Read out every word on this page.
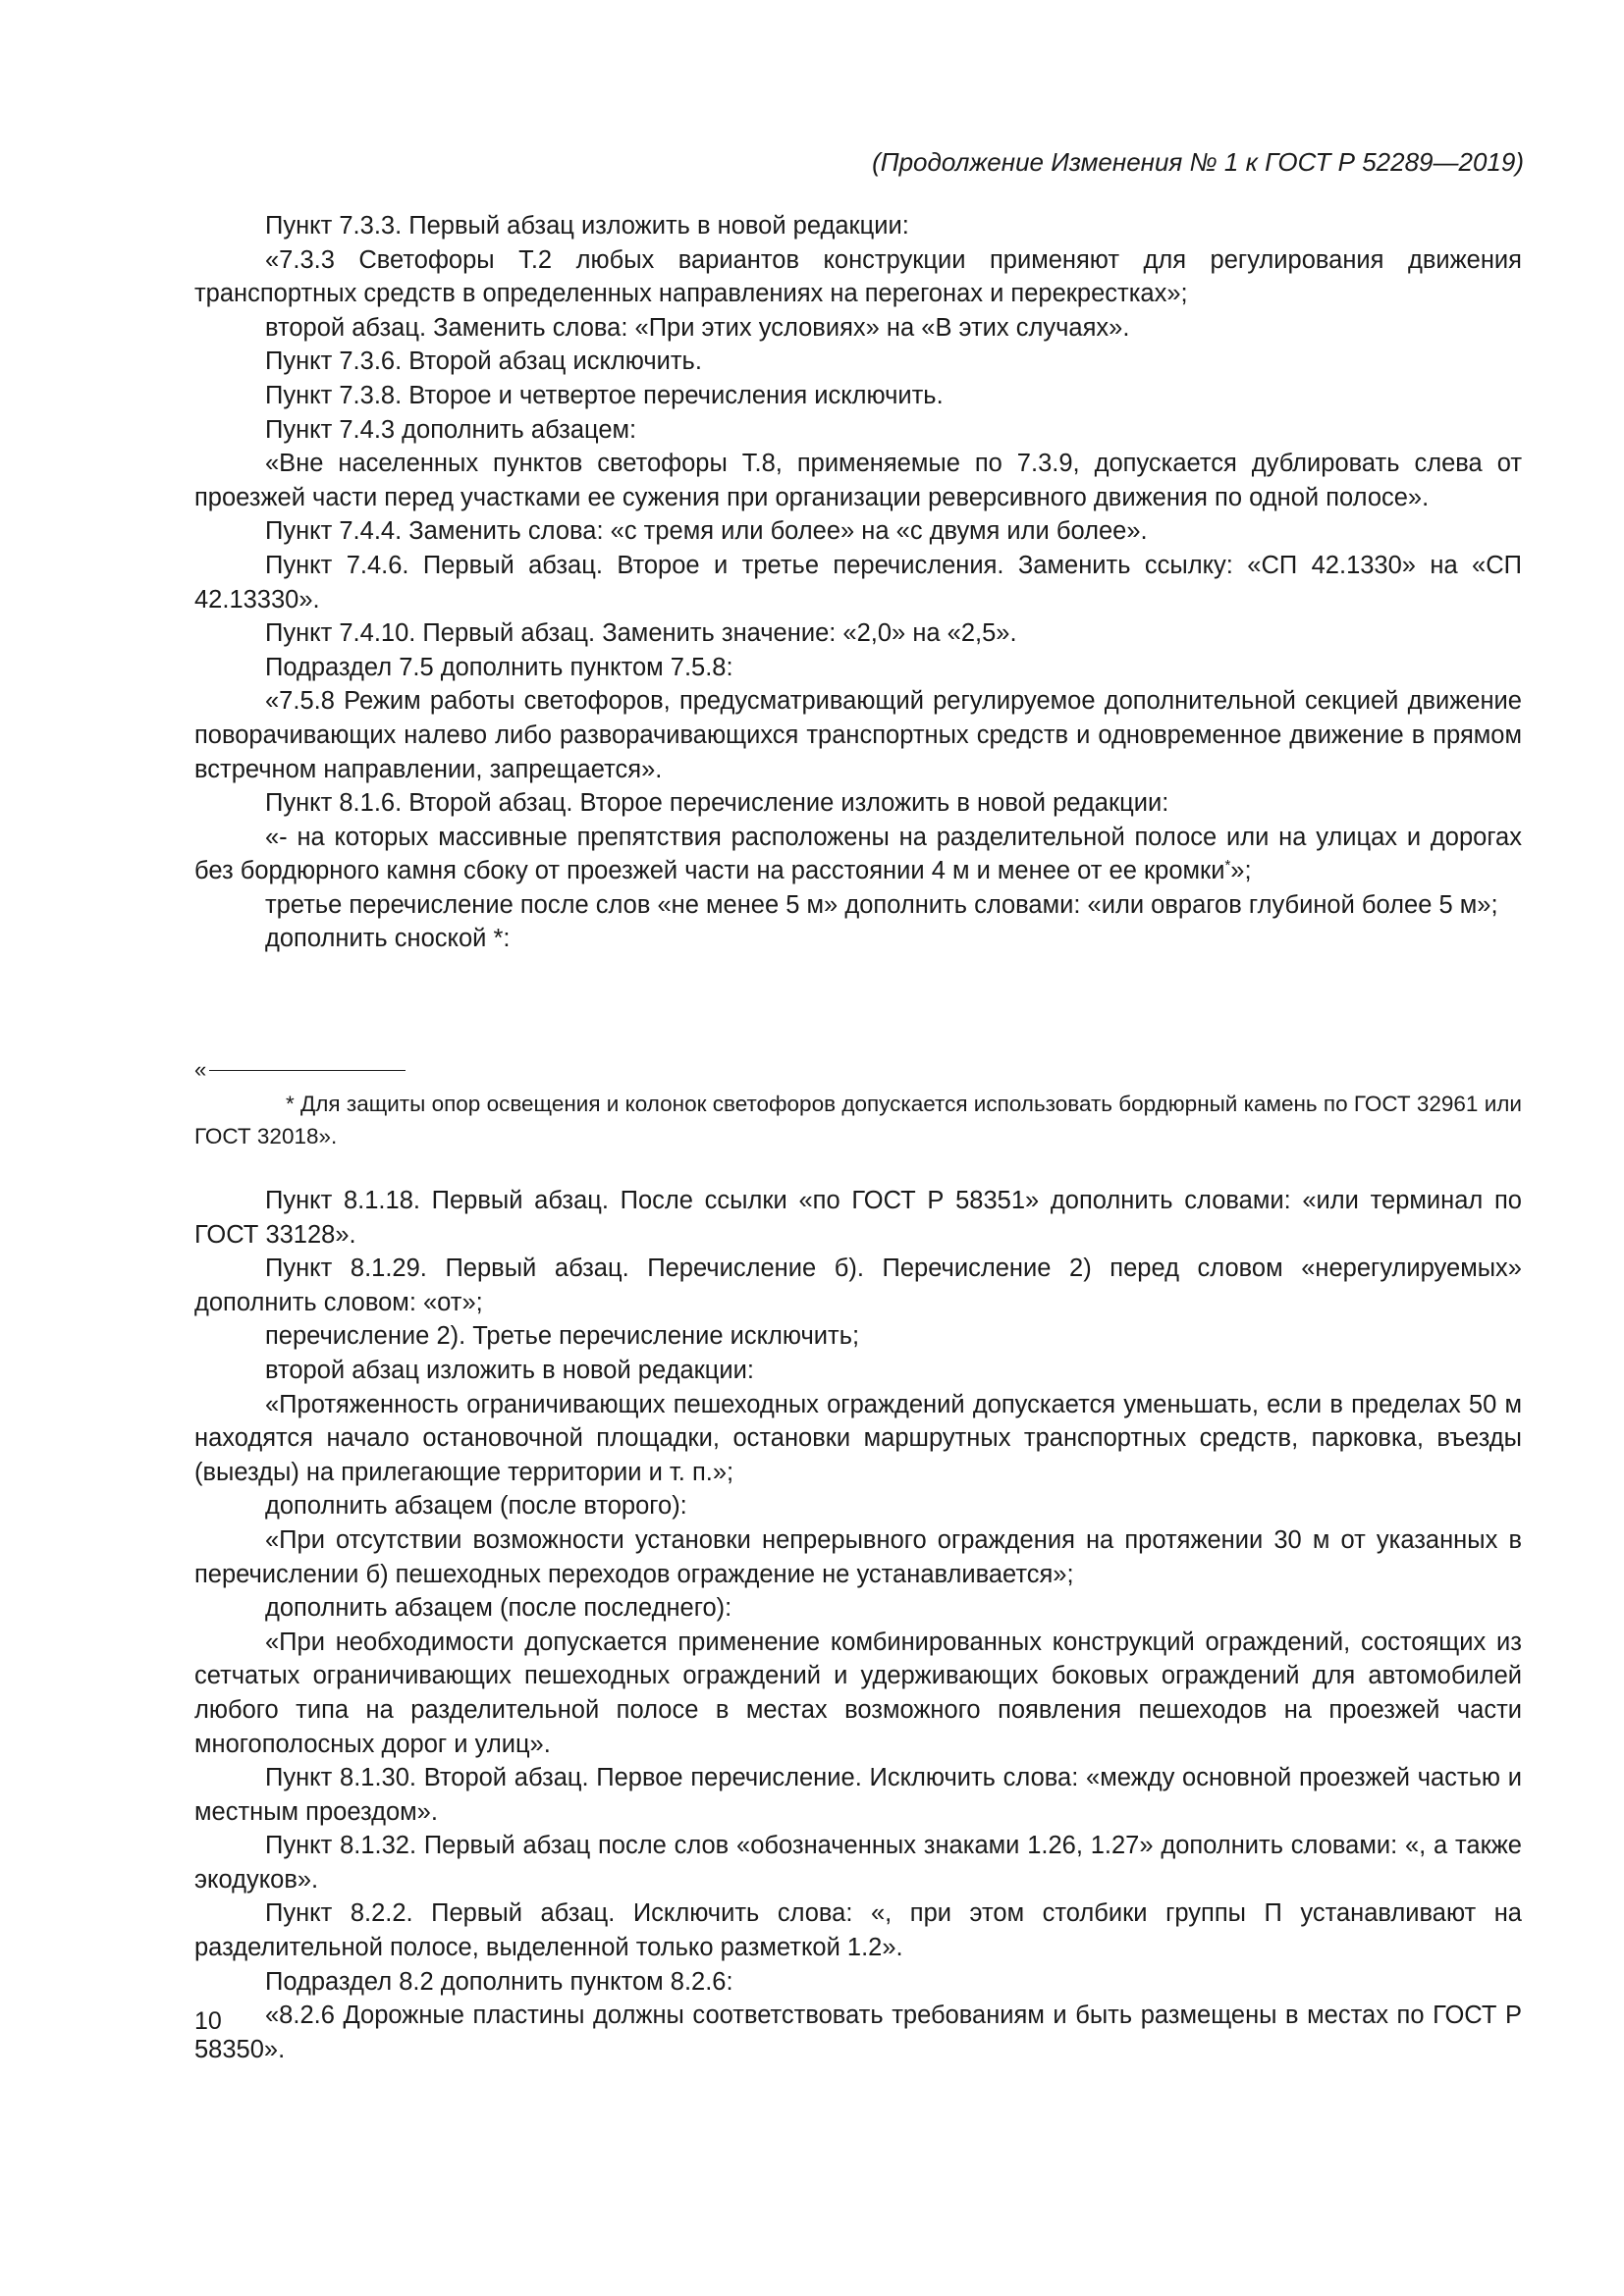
(Продолжение Изменения № 1 к ГОСТ Р 52289—2019)

Пункт 7.3.3. Первый абзац изложить в новой редакции:

«7.3.3 Светофоры Т.2 любых вариантов конструкции применяют для регулирования движения транспортных средств в определенных направлениях на перегонах и перекрестках»;

второй абзац. Заменить слова: «При этих условиях» на «В этих случаях».

Пункт 7.3.6. Второй абзац исключить.

Пункт 7.3.8. Второе и четвертое перечисления исключить.

Пункт 7.4.3 дополнить абзацем:

«Вне населенных пунктов светофоры Т.8, применяемые по 7.3.9, допускается дублировать слева от проезжей части перед участками ее сужения при организации реверсивного движения по одной полосе».

Пункт 7.4.4. Заменить слова: «с тремя или более» на «с двумя или более».

Пункт 7.4.6. Первый абзац. Второе и третье перечисления. Заменить ссылку: «СП 42.1330» на «СП 42.13330».

Пункт 7.4.10. Первый абзац. Заменить значение: «2,0» на «2,5».

Подраздел 7.5 дополнить пунктом 7.5.8:

«7.5.8 Режим работы светофоров, предусматривающий регулируемое дополнительной секцией движение поворачивающих налево либо разворачивающихся транспортных средств и одновременное движение в прямом встречном направлении, запрещается».

Пункт 8.1.6. Второй абзац. Второе перечисление изложить в новой редакции:

«- на которых массивные препятствия расположены на разделительной полосе или на улицах и дорогах без бордюрного камня сбоку от проезжей части на расстоянии 4 м и менее от ее кромки*»;

третье перечисление после слов «не менее 5 м» дополнить словами: «или оврагов глубиной более 5 м»;

дополнить сноской *:

«

* Для защиты опор освещения и колонок светофоров допускается использовать бордюрный камень по ГОСТ 32961 или ГОСТ 32018».

Пункт 8.1.18. Первый абзац. После ссылки «по ГОСТ Р 58351» дополнить словами: «или терминал по ГОСТ 33128».

Пункт 8.1.29. Первый абзац. Перечисление б). Перечисление 2) перед словом «нерегулируемых» дополнить словом: «от»;

перечисление 2). Третье перечисление исключить;

второй абзац изложить в новой редакции:

«Протяженность ограничивающих пешеходных ограждений допускается уменьшать, если в пределах 50 м находятся начало остановочной площадки, остановки маршрутных транспортных средств, парковка, въезды (выезды) на прилегающие территории и т. п.»;

дополнить абзацем (после второго):

«При отсутствии возможности установки непрерывного ограждения на протяжении 30 м от указанных в перечислении б) пешеходных переходов ограждение не устанавливается»;

дополнить абзацем (после последнего):

«При необходимости допускается применение комбинированных конструкций ограждений, состоящих из сетчатых ограничивающих пешеходных ограждений и удерживающих боковых ограждений для автомобилей любого типа на разделительной полосе в местах возможного появления пешеходов на проезжей части многополосных дорог и улиц».

Пункт 8.1.30. Второй абзац. Первое перечисление. Исключить слова: «между основной проезжей частью и местным проездом».

Пункт 8.1.32. Первый абзац после слов «обозначенных знаками 1.26, 1.27» дополнить словами: «, а также экодуков».

Пункт 8.2.2. Первый абзац. Исключить слова: «, при этом столбики группы П устанавливают на разделительной полосе, выделенной только разметкой 1.2».

Подраздел 8.2 дополнить пунктом 8.2.6:

«8.2.6 Дорожные пластины должны соответствовать требованиям и быть размещены в местах по ГОСТ Р 58350».

10
